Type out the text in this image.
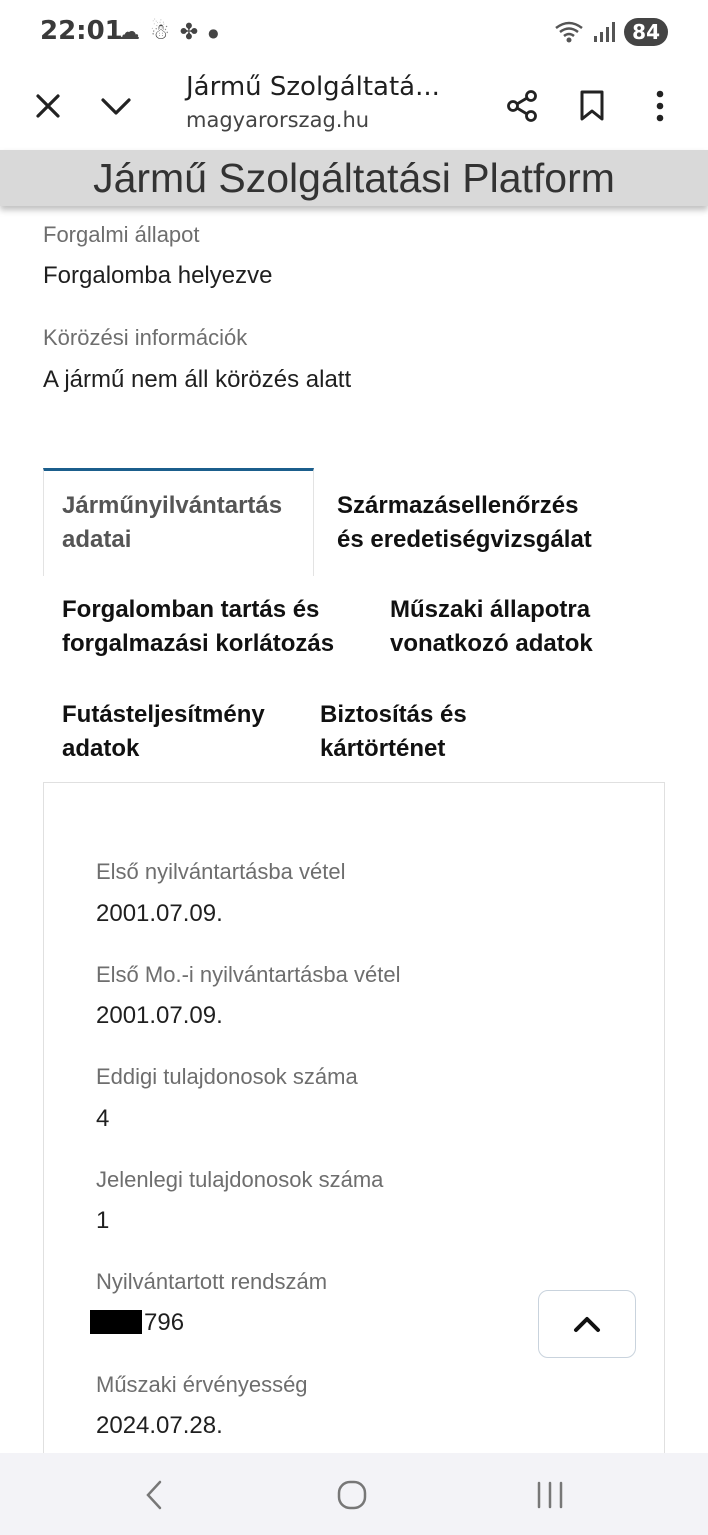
22:01
☁ ☃ ✤ ●	84
Jármű Szolgáltatá...
magyarorszag.hu
Jármű Szolgáltatási Platform
Forgalmi állapot
Forgalomba helyezve
Körözési információk
A jármű nem áll körözés alatt
Járműnyilvántartás
adatai
Származásellenőrzés
és eredetiségvizsgálat
Forgalomban tartás és
forgalmazási korlátozás
Műszaki állapotra
vonatkozó adatok
Futásteljesítmény
adatok
Biztosítás és
kártörténet
Első nyilvántartásba vétel
2001.07.09.
Első Mo.-i nyilvántartásba vétel
2001.07.09.
Eddigi tulajdonosok száma
4
Jelenlegi tulajdonosok száma
1
Nyilvántartott rendszám
796
Műszaki érvényesség
2024.07.28.
